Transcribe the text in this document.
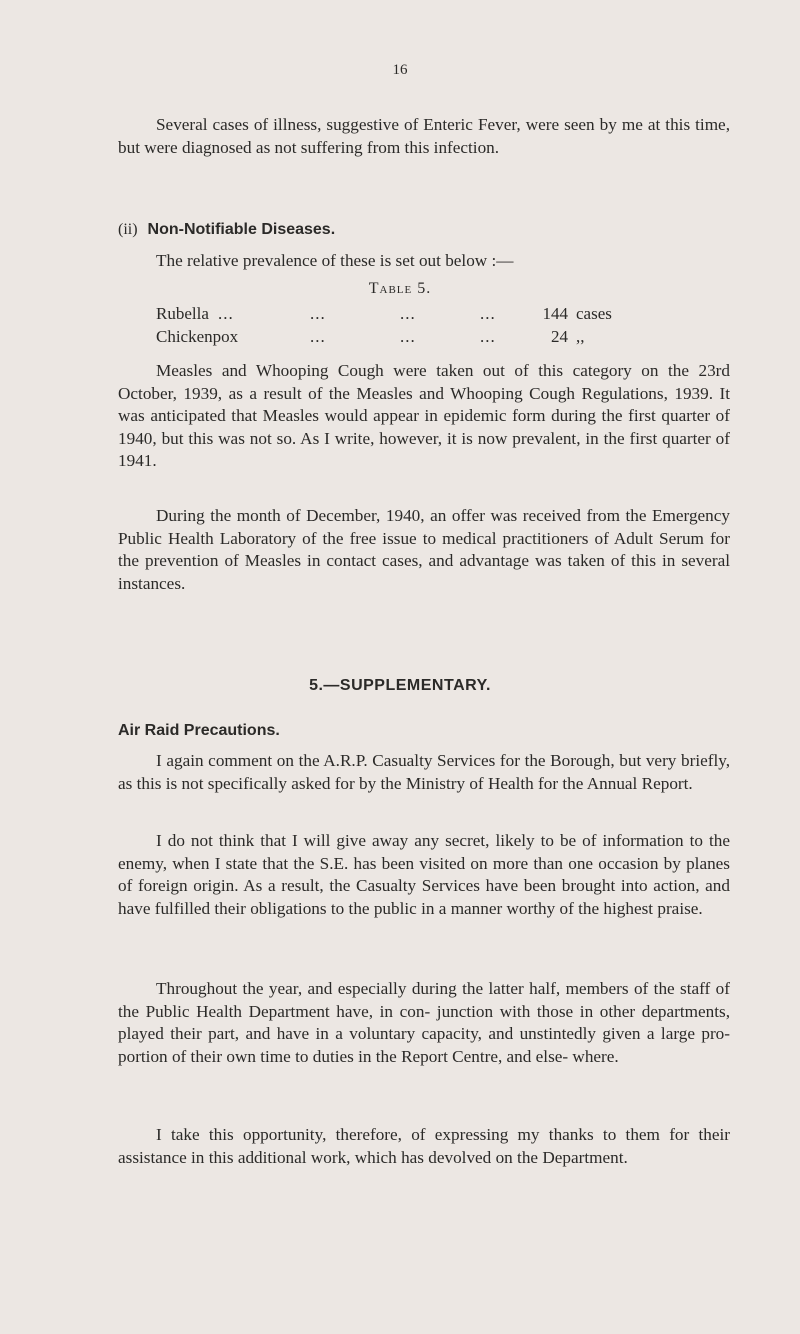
16
Several cases of illness, suggestive of Enteric Fever, were seen by me at this time, but were diagnosed as not suffering from this infection.
(ii) Non-Notifiable Diseases.
The relative prevalence of these is set out below :—
Table 5.
Rubella ...	...	...	...	144 cases
Chickenpox	...	...	...	24 ,,
Measles and Whooping Cough were taken out of this category on the 23rd October, 1939, as a result of the Measles and Whooping Cough Regulations, 1939. It was anticipated that Measles would appear in epidemic form during the first quarter of 1940, but this was not so. As I write, however, it is now prevalent, in the first quarter of 1941.
During the month of December, 1940, an offer was received from the Emergency Public Health Laboratory of the free issue to medical practitioners of Adult Serum for the prevention of Measles in contact cases, and advantage was taken of this in several instances.
5.—SUPPLEMENTARY.
Air Raid Precautions.
I again comment on the A.R.P. Casualty Services for the Borough, but very briefly, as this is not specifically asked for by the Ministry of Health for the Annual Report.
I do not think that I will give away any secret, likely to be of information to the enemy, when I state that the S.E. has been visited on more than one occasion by planes of foreign origin. As a result, the Casualty Services have been brought into action, and have fulfilled their obligations to the public in a manner worthy of the highest praise.
Throughout the year, and especially during the latter half, members of the staff of the Public Health Department have, in con- junction with those in other departments, played their part, and have in a voluntary capacity, and unstintedly given a large pro- portion of their own time to duties in the Report Centre, and else- where.
I take this opportunity, therefore, of expressing my thanks to them for their assistance in this additional work, which has devolved on the Department.
